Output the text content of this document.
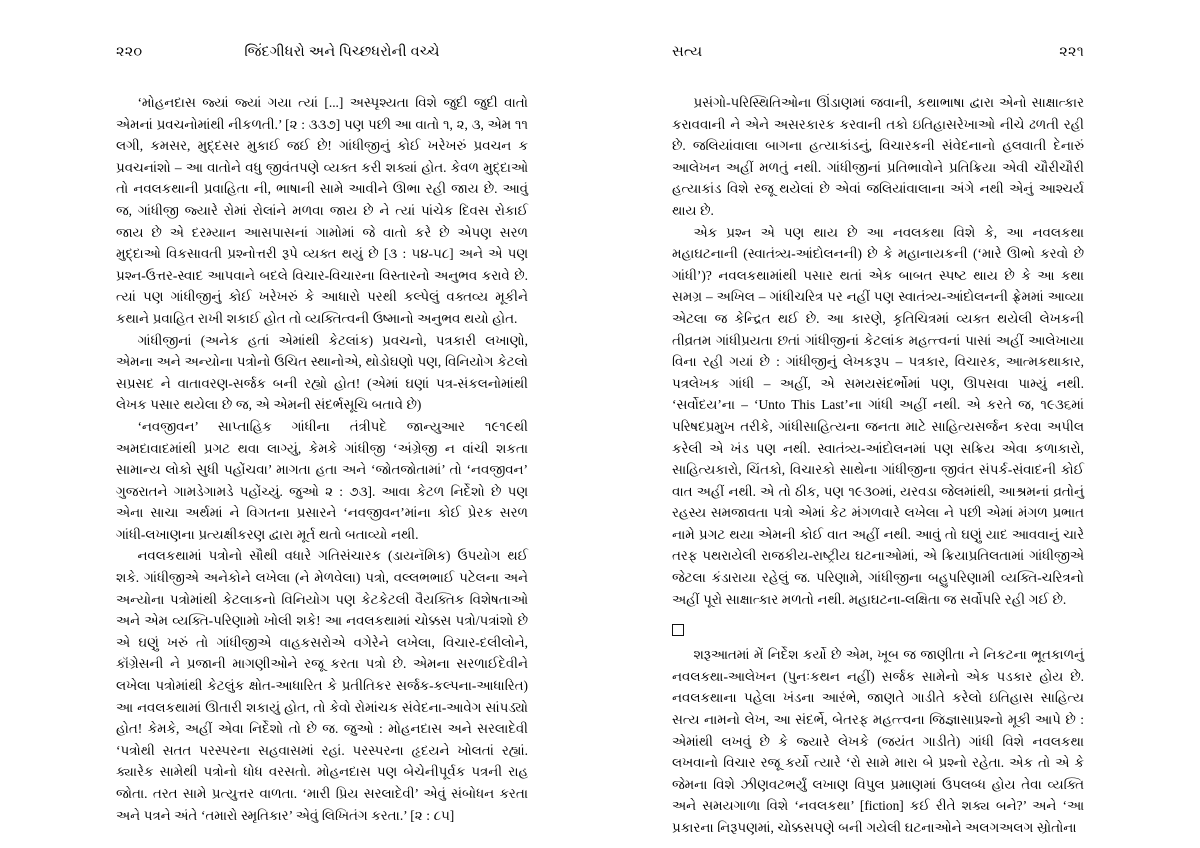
૨૨૦	જિંદગીધરો અને પિચ્છધરોની વચ્ચે

‘મોહનદાસ જ્યાં જ્યાં ગયા ત્યાં [...] અસ્પૃશ્યતા વિશે જુદી જુદી વાતો એમનાં પ્રવચનોમાંથી નીકળતી.’ [૨ : ૩૩૭] પણ પછી આ વાતો ૧, ૨, ૩, એમ ૧૧ લગી, કમસર, મુદ્દસર મુકાઈ જઈ છે! ગાંધીજીનું કોઈ ખરેખરું પ્રવચન ક પ્રવચનાંશો – આ વાતોને વધુ જીવંતપણે વ્યક્ત કરી શક્યાં હોત. કેવળ મુદ્દાઓ તો નવલકથાની પ્રવાહિતા ની, ભાષાની સામે આવીને ઊભા રહી જાય છે. આવું જ, ગાંધીજી જ્યારે રોમાં રોલાંને મળવા જાય છે ને ત્યાં પાંચેક દિવસ રોકાઈ જાય છે એ દરમ્યાન આસપાસનાં ગામોમાં જે વાતો કરે છે એપણ સરળ મુદ્દાઓ વિકસાવતી પ્રશ્નોત્તરી રૂપે વ્યક્ત થયું છે [૩ : ૫૪-૫૮] અને એ પણ પ્રશ્ન-ઉત્તર-સ્વાદ આપવાને બદલે વિચાર-વિચારના વિસ્તારનો અનુભવ કરાવે છે. ત્યાં પણ ગાંધીજીનું કોઈ ખરેખરું કે આધારો પરથી કલ્પેલું વક્તવ્ય મૂકીને કથાને પ્રવાહિત રાખી શકાઈ હોત તો વ્યક્તિત્વની ઉષ્માનો અનુભવ થયો હોત.

ગાંધીજીનાં (અનેક હતાં એમાંથી કેટલાંક) પ્રવચનો, પત્રકારી લખાણો, એમના અને અન્યોના પત્રોનો ઉચિત સ્થાનોએ, થોડોઘણો પણ, વિનિયોગ કેટલો સપ્રસદ ને વાતાવરણ-સર્જક બની રહ્યો હોત! (એમાં ઘણાં પત્ર-સંકલનોમાંથી લેખક પસાર થયેલા છે જ, એ એમની સંદર્ભસૂચિ બતાવે છે)

‘નવજીવન’ સાપ્તાહિક ગાંધીના તંત્રીપદે જાન્યુઆર ૧૯૧૯થી અમદાવાદમાંથી પ્રગટ થવા લાગ્યું, કેમકે ગાંધીજી ‘અંગ્રેજી ન વાંચી શકતા સામાન્ય લોકો સુધી પહોંચવા’ માગતા હતા અને ‘જોતજોતામાં’ તો ‘નવજીવન’ ગુજરાતને ગામડેગામડે પહોંચ્યું. જુઓ ૨ : ૭૩]. આવા કેટળ નિર્દેશો છે પણ એના સાચા અર્થમાં ને વિગતના પ્રસારને ‘નવજીવન’માંના કોઈ પ્રેરક સરળ ગાંધી-લખાણના પ્રત્યક્ષીકરણ દ્વારા મૂર્ત થતો બતાવ્યો નથી.

નવલકથામાં પત્રોનો સૌથી વધારે ગતિસંચારક (ડાયનૅમિક) ઉપયોગ થઈ શકે. ગાંધીજીએ અનેકોને લખેલા (ને મેળવેલા) પત્રો, વલ્લભભાઈ પટેલના અને અન્યોના પત્રોમાંથી કેટલાકનો વિનિયોગ પણ કેટકેટલી વૈયક્તિક વિશેષતાઓ અને એમ વ્યક્તિ-પરિણામો ખોલી શકે! આ નવલકથામાં ચોક્કસ પત્રો/પત્રાંશો છે એ ઘણું ખરું તો ગાંધીજીએ વાહકસરોએ વગેરેને લખેલા, વિચાર-દલીલોને, કૉંગ્રેસની ને પ્રજાની માગણીઓને રજૂ કરતા પત્રો છે. એમના સરળાઈદેવીને લખેલા પત્રોમાંથી કેટલુંક ક્ષોત-આધારિત કે પ્રતીતિકર સર્જક-કલ્પના-આધારિત) આ નવલકથામાં ઊતારી શકાયું હોત, તો કેવો રોમાંચક સંવેદના-આવેગ સાંપડ્યો હોત! કેમકે, અહીં એવા નિર્દેશો તો છે જ. જુઓ : મોહનદાસ અને સરલાદેવી ‘પત્રોથી સતત પરસ્પરના સહવાસમાં રહાં. પરસ્પરના હૃદયને ખોલતાં રહ્યાં. ક્યારેક સામેથી પત્રોનો ધોધ વરસતો. મોહનદાસ પણ બેચેનીપૂર્વક પત્રની રાહ જોતા. તરત સામે પ્રત્યુત્તર વાળતા. ‘મારી પ્રિય સરલાદેવી’ એવું સંબોધન કરતા અને પત્રને અંતે ‘તમારો સ્મૃતિકાર’ એવું લિખિતંગ કરતા.’ [૨ : ૮૫]

સત્ય	૨૨૧

પ્રસંગો-પરિસ્થિતિઓના ઊંડાણમાં જવાની, કથાભાષા દ્વારા એનો સાક્ષાત્કાર કરાવવાની ને એને અસરકારક કરવાની તકો ઇતિહાસરેખાઓ નીચે ઢળતી રહી છે. જલિયાંવાલા બાગના હત્યાકાંડનું, વિચારકની સંવેદનાનો હલવાતી દેનારું આલેખન અહીં મળતું નથી. ગાંધીજીનાં પ્રતિભાવોને પ્રતિક્રિયા એવી ચૌરીચૌરી હત્યાકાંડ વિશે રજૂ થયેલાં છે એવાં જલિયાંવાલાના અંગે નથી એનું આશ્ચર્ય થાય છે.

એક પ્રશ્ન એ પણ થાય છે આ નવલકથા વિશે કે, આ નવલકથા મહાઘટનાની (સ્વાતંત્ર્ય-આંદોલનની) છે કે મહાનાયકની (‘મારે ઊભો કરવો છે ગાંધી’)? નવલકથામાંથી પસાર થતાં એક બાબત સ્પષ્ટ થાય છે કે આ કથા સમગ્ર – અખિલ – ગાંધીચરિત્ર પર નહીં પણ સ્વાતંત્ર્ય-આંદોલનની ફ્રેમમાં આવ્યા એટલા જ કેન્દ્રિત થઈ છે. આ કારણે, કૃતિચિત્રમાં વ્યક્ત થયેલી લેખકની તીવ્રતમ ગાંધીપ્રયતા છતાં ગાંધીજીનાં કેટલાંક મહત્ત્વનાં પાસાં અહીં આલેખાયા વિના રહી ગયાં છે : ગાંધીજીનું લેખકરૂપ – પત્રકાર, વિચારક, આત્મકથાકાર, પત્રલેખક ગાંધી – અહીં, એ સમયસંદર્ભોમાં પણ, ઊપસવા પામ્યું નથી. ‘સર્વોદય’ના – ‘Unto This Last’ના ગાંધી અહીં નથી. એ કરતે જ, ૧૯૩૬માં પરિષદપ્રમુખ તરીકે, ગાંધીસાહિત્યના જનતા માટે સાહિત્યસર્જન કરવા અપીલ કરેલી એ ખંડ પણ નથી. સ્વાતંત્ર્ય-આંદોલનમાં પણ સક્રિય એવા કળાકારો, સાહિત્યકારો, ચિંતકો, વિચારકો સાથેના ગાંધીજીના જીવંત સંપર્ક-સંવાદની કોઈ વાત અહીં નથી. એ તો ઠીક, પણ ૧૯૩૦માં, યરવડા જેલમાંથી, આશ્રમનાં વ્રતોનું રહસ્ય સમજાવતા પત્રો એમાં કેટ મંગળવારે લખેલા ને પછી એમાં મંગળ પ્રભાત નામે પ્રગટ થયા એમની કોઈ વાત અહીં નથી. આવું તો ઘણું યાદ આવવાનું ચારે તરફ પથરાયેલી રાજકીય-રાષ્ટ્રીય ઘટનાઓમાં, એ ક્રિયાપ્રતિલતામાં ગાંધીજીએ જેટલા કંડારાયા રહેલું જ. પરિણામે, ગાંધીજીના બહુપરિણામી વ્યક્તિ-ચરિત્રનો અહીં પૂરો સાક્ષાત્કાર મળતો નથી. મહાઘટના-લક્ષિતા જ સર્વોપરિ રહી ગઈ છે.

શરૂઆતમાં મેં નિર્દેશ કર્યો છે એમ, ખૂબ જ જાણીતા ને નિકટના ભૂતકાળનું નવલકથા-આલેખન (પુનઃકથન નહીં) સર્જક સામેનો એક પડકાર હોય છે. નવલકથાના પહેલા ખંડના આરંભે, જાણતે ગાડીતે કરેલો ઇતિહાસ સાહિત્ય સત્ય નામનો લેખ, આ સંદર્ભે, બેતરફ મહત્ત્વના જિજ્ઞાસાપ્રશ્નો મૂકી આપે છે : એમાંથી લખવું છે કે જ્યારે લેખકે (જયંત ગાડીતે) ગાંધી વિશે નવલકથા લખવાનો વિચાર રજૂ કર્યો ત્યારે ‘રો સામે મારા બે પ્રશ્નો રહેતા. એક તો એ કે જેમના વિશે ઝીણવટભર્યું લખાણ વિપુલ પ્રમાણમાં ઉપલબ્ધ હોય તેવા વ્યક્તિ અને સમયગાળા વિશે ‘નવલકથા’ [fiction] કઈ રીતે શક્ય બને?’ અને ‘આ પ્રકારના નિરૂપણમાં, ચોક્કસપણે બની ગયેલી ઘટનાઓને અલગઅલગ સ્રોતોના
